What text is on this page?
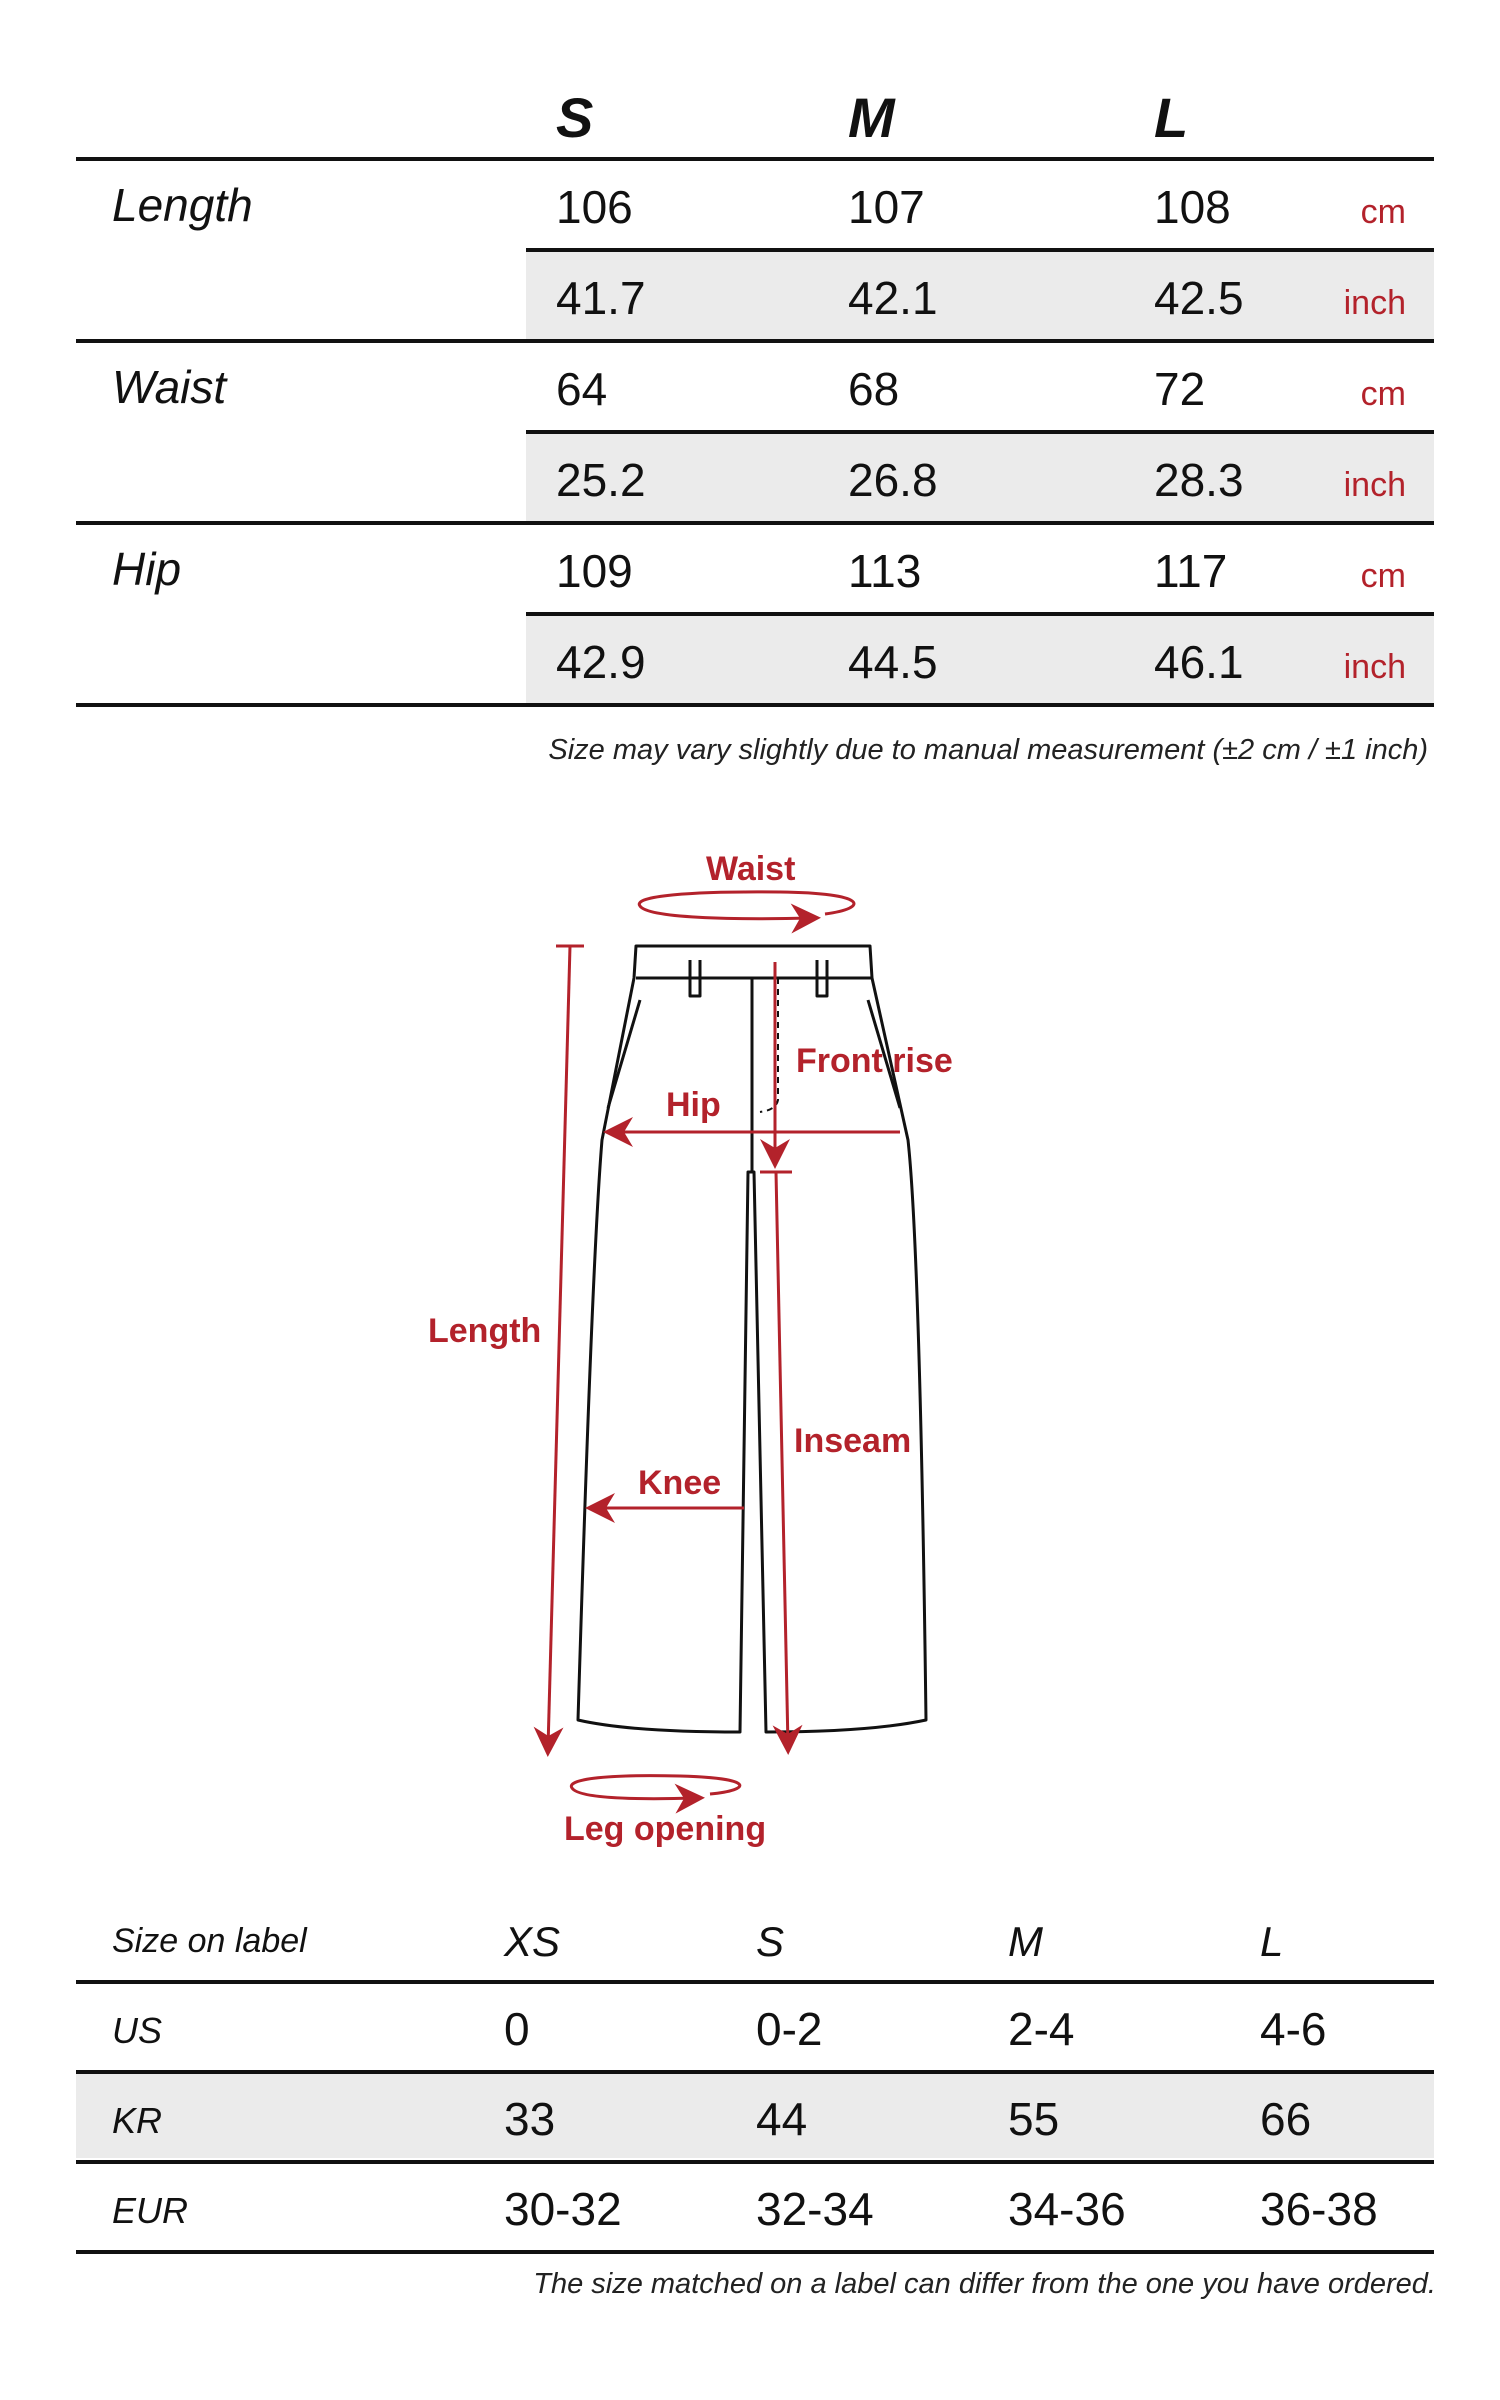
S	M	L
Length	106	107	108	cm
41.7	42.1	42.5	inch
Waist	64	68	72	cm
25.2	26.8	28.3	inch
Hip	109	113	117	cm
42.9	44.5	46.1	inch
Size may vary slightly due to manual measurement (±2 cm / ±1 inch)
Waist
Front rise
Hip
Length
Inseam
Knee
Leg opening
Size on label	XS	S	M	L
US	0	0-2	2-4	4-6
KR	33	44	55	66
EUR	30-32	32-34	34-36	36-38
The size matched on a label can differ from the one you have ordered.
